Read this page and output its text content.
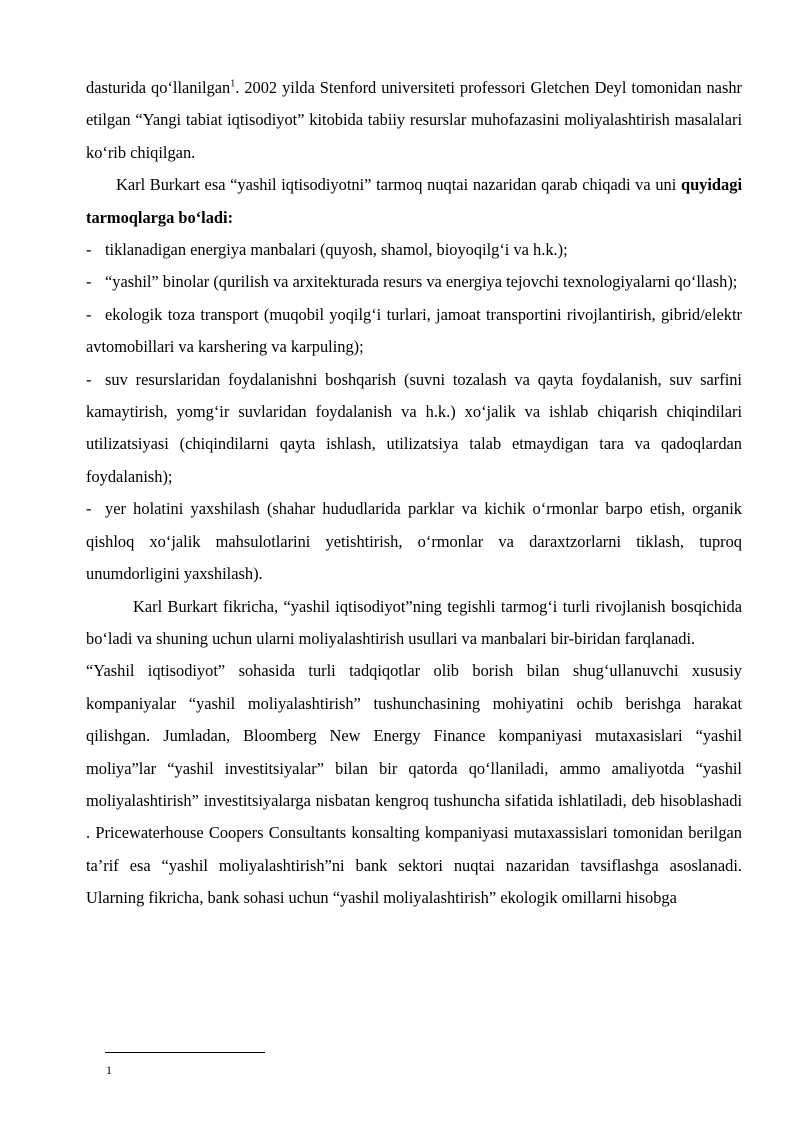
dasturida qo‘llanilgan$^1$. 2002 yilda Stenford universiteti professori Gletchen Deyl tomonidan nashr etilgan “Yangi tabiat iqtisodiyot” kitobida tabiiy resurslar muhofazasini moliyalashtirish masalalari ko‘rib chiqilgan.

Karl Burkart esa “yashil iqtisodiyotni” tarmoq nuqtai nazaridan qarab chiqadi va uni quyidagi tarmoqlarga bo‘ladi:

- tiklanadigan energiya manbalari (quyosh, shamol, bioyoqilg‘i va h.k.);

- “yashil” binolar (qurilish va arxitekturada resurs va energiya tejovchi texnologiyalarni qo‘llash);

- ekologik toza transport (muqobil yoqilg‘i turlari, jamoat transportini rivojlantirish, gibrid/elektr avtomobillari va karshering va karpuling);

- suv resurslaridan foydalanishni boshqarish (suvni tozalash va qayta foydalanish, suv sarfini kamaytirish, yomg‘ir suvlaridan foydalanish va h.k.) xo‘jalik va ishlab chiqarish chiqindilari utilizatsiyasi (chiqindilarni qayta ishlash, utilizatsiya talab etmaydigan tara va qadoqlardan foydalanish);

- yer holatini yaxshilash (shahar hududlarida parklar va kichik o‘rmonlar barpo etish, organik qishloq xo‘jalik mahsulotlarini yetishtirish, o‘rmonlar va daraxtzorlarni tiklash, tuproq unumdorligini yaxshilash).

Karl Burkart fikricha, “yashil iqtisodiyot”ning tegishli tarmog‘i turli rivojlanish bosqichida bo‘ladi va shuning uchun ularni moliyalashtirish usullari va manbalari bir-biridan farqlanadi.

“Yashil iqtisodiyot” sohasida turli tadqiqotlar olib borish bilan shug‘ullanuvchi xususiy kompaniyalar “yashil moliyalashtirish” tushunchasining mohiyatini ochib berishga harakat qilishgan. Jumladan, Bloomberg New Energy Finance kompaniyasi mutaxasislari “yashil moliya”lar “yashil investitsiyalar” bilan bir qatorda qo‘llaniladi, ammo amaliyotda “yashil moliyalashtirish” investitsiyalarga nisbatan kengroq tushuncha sifatida ishlatiladi, deb hisoblashadi . Pricewaterhouse Coopers Consultants konsalting kompaniyasi mutaxassislari tomonidan berilgan ta’rif esa “yashil moliyalashtirish”ni bank sektori nuqtai nazaridan tavsiflashga asoslanadi. Ularning fikricha, bank sohasi uchun “yashil moliyalashtirish” ekologik omillarni hisobga

1
